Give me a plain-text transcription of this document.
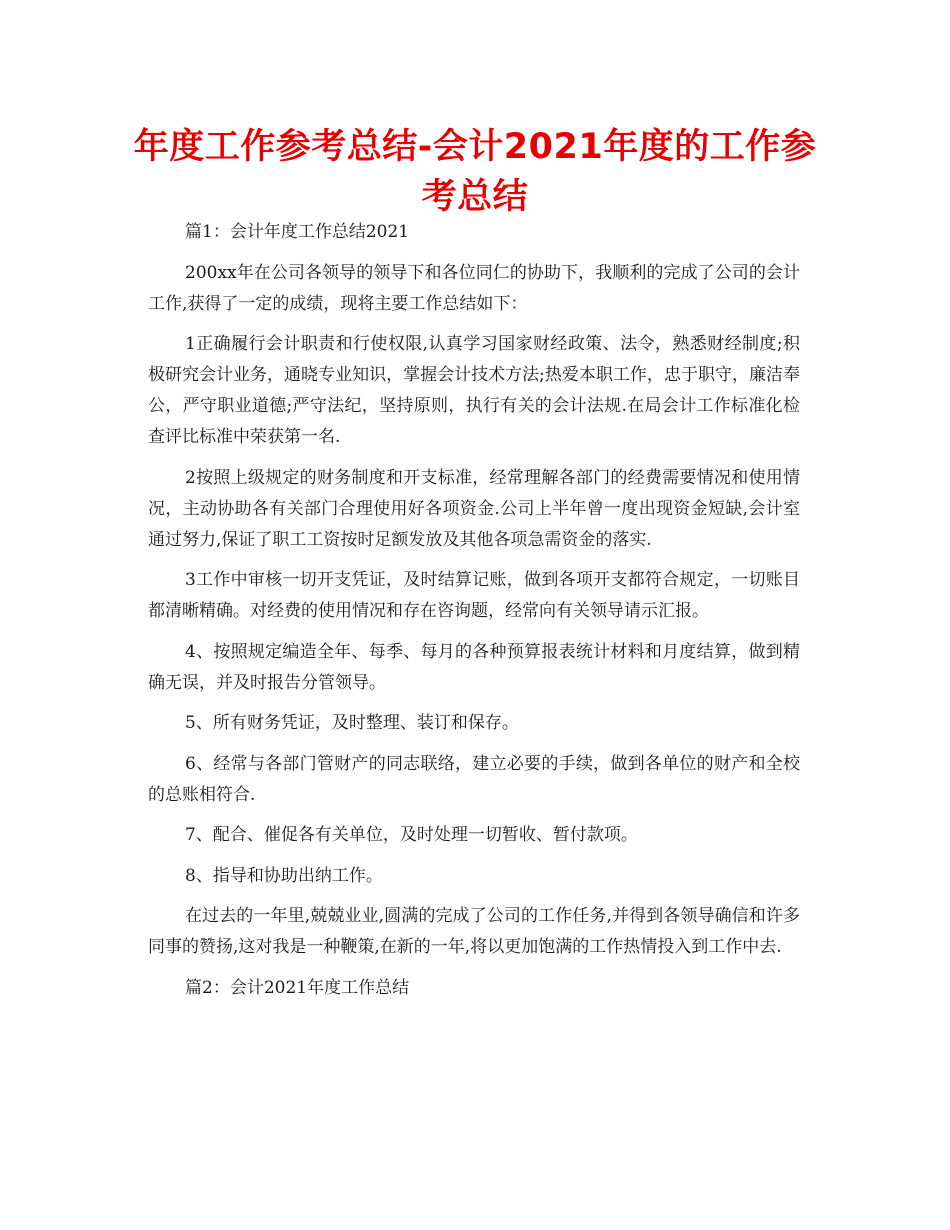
年度工作参考总结-会计2021年度的工作参考总结

篇1：会计年度工作总结2021

200xx年在公司各领导的领导下和各位同仁的协助下，我顺利的完成了公司的会计工作,获得了一定的成绩，现将主要工作总结如下：

1正确履行会计职责和行使权限,认真学习国家财经政策、法令，熟悉财经制度;积极研究会计业务，通晓专业知识，掌握会计技术方法;热爱本职工作，忠于职守，廉洁奉公，严守职业道德;严守法纪，坚持原则，执行有关的会计法规.在局会计工作标准化检查评比标准中荣获第一名.

2按照上级规定的财务制度和开支标准，经常理解各部门的经费需要情况和使用情况，主动协助各有关部门合理使用好各项资金.公司上半年曾一度出现资金短缺,会计室通过努力,保证了职工工资按时足额发放及其他各项急需资金的落实.

3工作中审核一切开支凭证，及时结算记账，做到各项开支都符合规定，一切账目都清晰精确。对经费的使用情况和存在咨询题，经常向有关领导请示汇报。

4、按照规定编造全年、每季、每月的各种预算报表统计材料和月度结算，做到精确无误，并及时报告分管领导。

5、所有财务凭证，及时整理、装订和保存。

6、经常与各部门管财产的同志联络，建立必要的手续，做到各单位的财产和全校的总账相符合.

7、配合、催促各有关单位，及时处理一切暂收、暂付款项。

8、指导和协助出纳工作。

在过去的一年里,兢兢业业,圆满的完成了公司的工作任务,并得到各领导确信和许多同事的赞扬,这对我是一种鞭策,在新的一年,将以更加饱满的工作热情投入到工作中去.

篇2：会计2021年度工作总结
